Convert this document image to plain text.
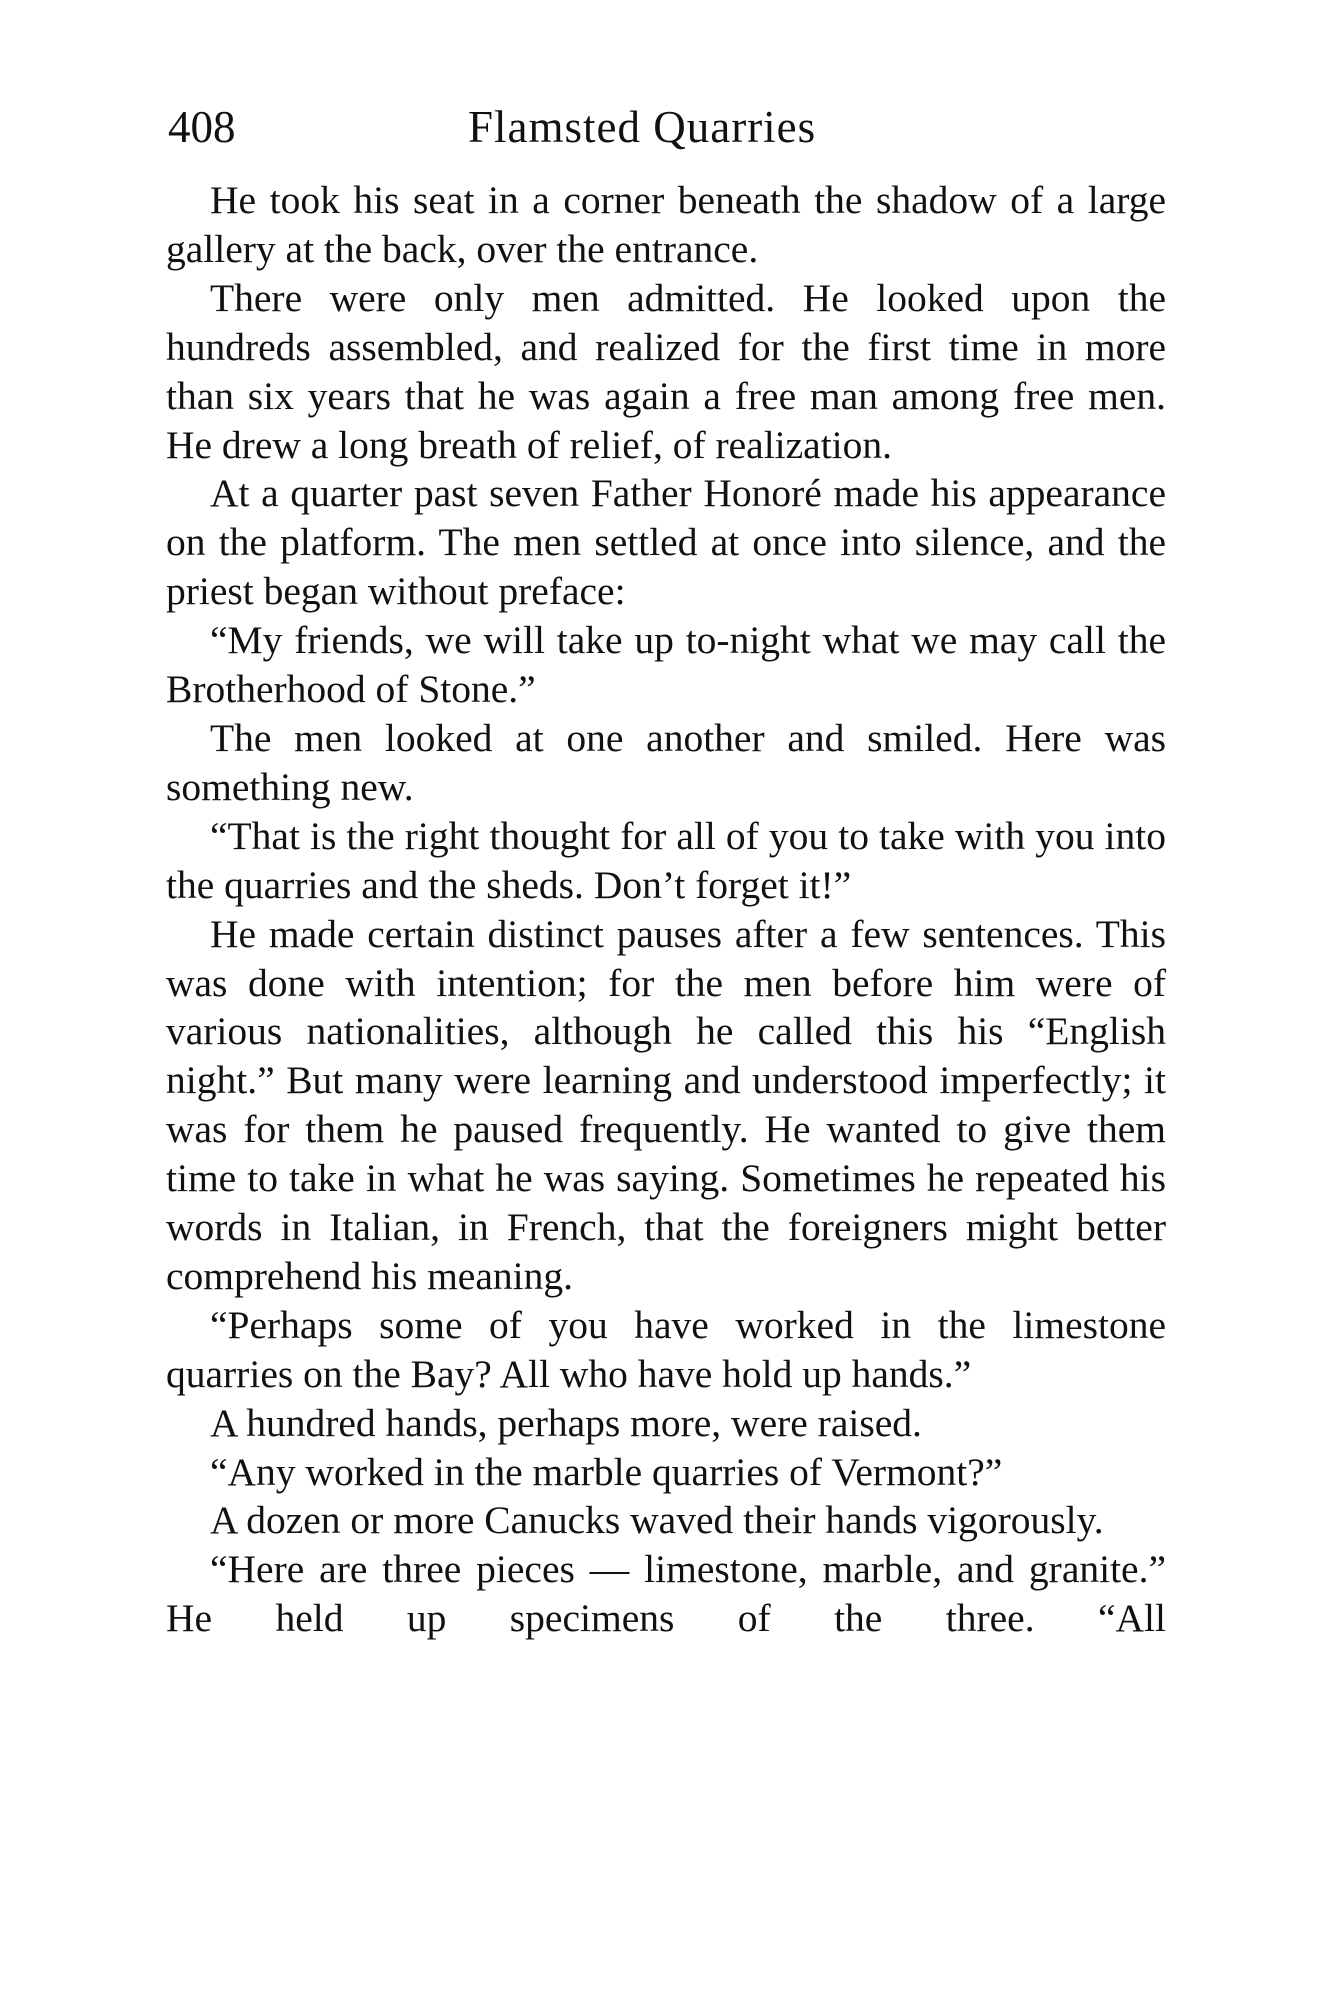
408	Flamsted Quarries

He took his seat in a corner beneath the shadow of a large gallery at the back, over the entrance.

There were only men admitted. He looked upon the hundreds assembled, and realized for the first time in more than six years that he was again a free man among free men. He drew a long breath of relief, of realization.

At a quarter past seven Father Honoré made his appearance on the platform. The men settled at once into silence, and the priest began without preface:

“My friends, we will take up to-night what we may call the Brotherhood of Stone.”

The men looked at one another and smiled. Here was something new.

“That is the right thought for all of you to take with you into the quarries and the sheds. Don’t forget it!”

He made certain distinct pauses after a few sentences. This was done with intention; for the men before him were of various nationalities, although he called this his “English night.” But many were learning and understood imperfectly; it was for them he paused frequently. He wanted to give them time to take in what he was saying. Sometimes he repeated his words in Italian, in French, that the foreigners might better comprehend his meaning.

“Perhaps some of you have worked in the limestone quarries on the Bay? All who have hold up hands.”

A hundred hands, perhaps more, were raised.

“Any worked in the marble quarries of Vermont?”

A dozen or more Canucks waved their hands vigorously.

“Here are three pieces — limestone, marble, and granite.” He held up specimens of the three. “All
